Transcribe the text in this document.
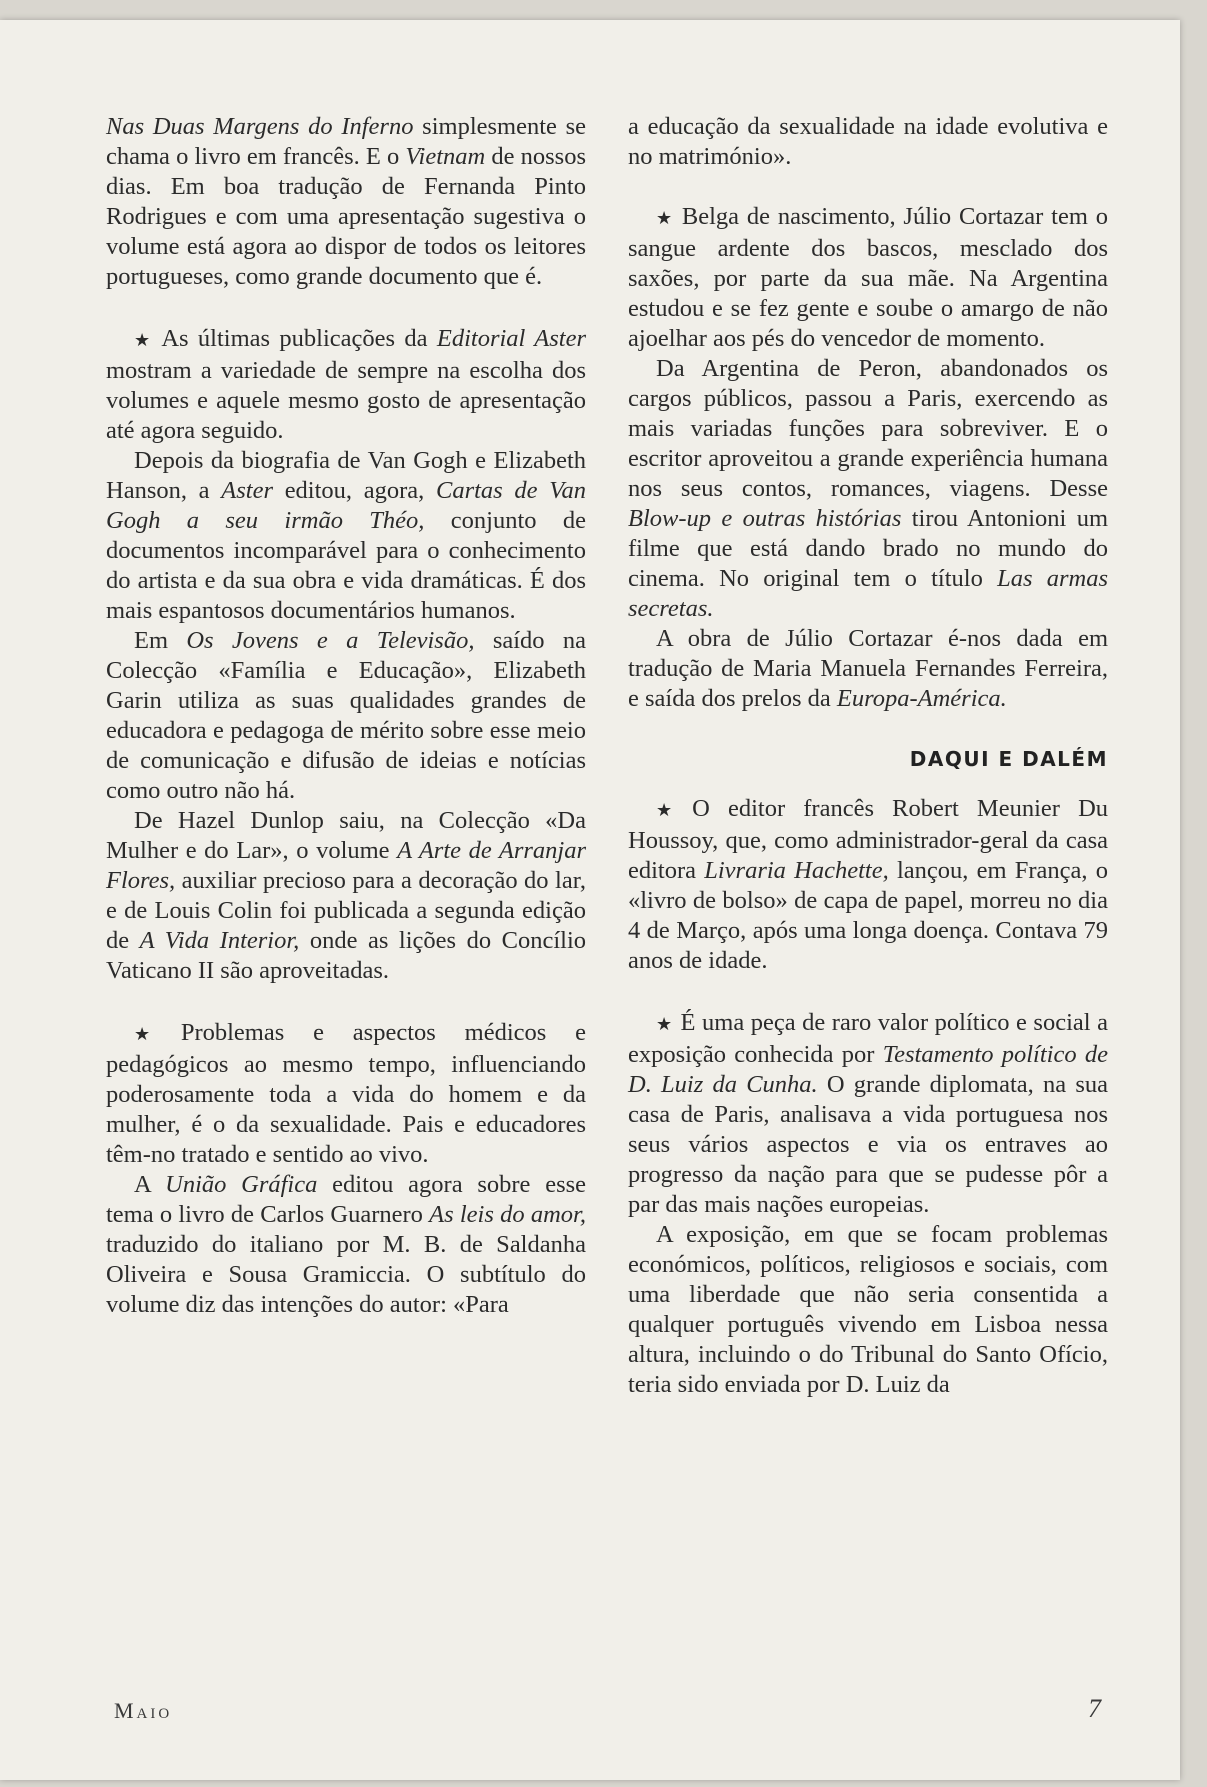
Nas Duas Margens do Inferno simplesmente se chama o livro em francês. E o Vietnam de nossos dias. Em boa tradução de Fernanda Pinto Rodrigues e com uma apresentação sugestiva o volume está agora ao dispor de todos os leitores portugueses, como grande documento que é.

★ As últimas publicações da Editorial Aster mostram a variedade de sempre na escolha dos volumes e aquele mesmo gosto de apresentação até agora seguido.

Depois da biografia de Van Gogh e Elizabeth Hanson, a Aster editou, agora, Cartas de Van Gogh a seu irmão Théo, conjunto de documentos incomparável para o conhecimento do artista e da sua obra e vida dramáticas. É dos mais espantosos documentários humanos.

Em Os Jovens e a Televisão, saído na Colecção «Família e Educação», Elizabeth Garin utiliza as suas qualidades grandes de educadora e pedagoga de mérito sobre esse meio de comunicação e difusão de ideias e notícias como outro não há.

De Hazel Dunlop saiu, na Colecção «Da Mulher e do Lar», o volume A Arte de Arranjar Flores, auxiliar precioso para a decoração do lar, e de Louis Colin foi publicada a segunda edição de A Vida Interior, onde as lições do Concílio Vaticano II são aproveitadas.

★ Problemas e aspectos médicos e pedagógicos ao mesmo tempo, influenciando poderosamente toda a vida do homem e da mulher, é o da sexualidade. Pais e educadores têm-no tratado e sentido ao vivo.

A União Gráfica editou agora sobre esse tema o livro de Carlos Guarnero As leis do amor, traduzido do italiano por M. B. de Saldanha Oliveira e Sousa Gramiccia. O subtítulo do volume diz das intenções do autor: «Para

a educação da sexualidade na idade evolutiva e no matrimónio».

★ Belga de nascimento, Júlio Cortazar tem o sangue ardente dos bascos, mesclado dos saxões, por parte da sua mãe. Na Argentina estudou e se fez gente e soube o amargo de não ajoelhar aos pés do vencedor de momento.

Da Argentina de Peron, abandonados os cargos públicos, passou a Paris, exercendo as mais variadas funções para sobreviver. E o escritor aproveitou a grande experiência humana nos seus contos, romances, viagens. Desse Blow-up e outras histórias tirou Antonioni um filme que está dando brado no mundo do cinema. No original tem o título Las armas secretas.

A obra de Júlio Cortazar é-nos dada em tradução de Maria Manuela Fernandes Ferreira, e saída dos prelos da Europa-América.

DAQUI E DALÉM

★ O editor francês Robert Meunier Du Houssoy, que, como administrador-geral da casa editora Livraria Hachette, lançou, em França, o «livro de bolso» de capa de papel, morreu no dia 4 de Março, após uma longa doença. Contava 79 anos de idade.

★ É uma peça de raro valor político e social a exposição conhecida por Testamento político de D. Luiz da Cunha. O grande diplomata, na sua casa de Paris, analisava a vida portuguesa nos seus vários aspectos e via os entraves ao progresso da nação para que se pudesse pôr a par das mais nações europeias.

A exposição, em que se focam problemas económicos, políticos, religiosos e sociais, com uma liberdade que não seria consentida a qualquer português vivendo em Lisboa nessa altura, incluindo o do Tribunal do Santo Ofício, teria sido enviada por D. Luiz da

Maio	7
